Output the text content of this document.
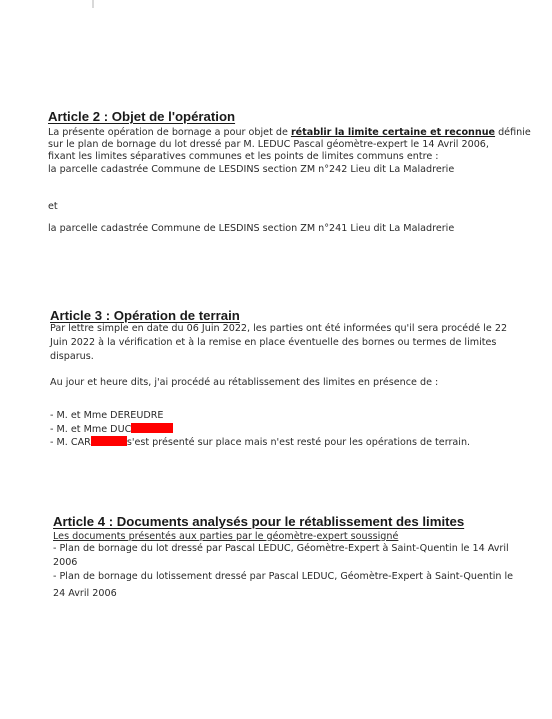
Article 2 : Objet de l'opération
La présente opération de bornage a pour objet de rétablir la limite certaine et reconnue définie
sur le plan de bornage du lot dressé par M. LEDUC Pascal géomètre-expert le 14 Avril 2006,
fixant les limites séparatives communes et les points de limites communs entre :
la parcelle cadastrée Commune de LESDINS section ZM n°242 Lieu dit La Maladrerie
et
la parcelle cadastrée Commune de LESDINS section ZM n°241 Lieu dit La Maladrerie
Article 3 : Opération de terrain
Par lettre simple en date du 06 Juin 2022, les parties ont été informées qu'il sera procédé le 22
Juin 2022 à la vérification et à la remise en place éventuelle des bornes ou termes de limites
disparus.
Au jour et heure dits, j'ai procédé au rétablissement des limites en présence de :
- M. et Mme DEREUDRE
- M. et Mme DUC
- M. CAR	s'est présenté sur place mais n'est resté pour les opérations de terrain.
Article 4 : Documents analysés pour le rétablissement des limites
Les documents présentés aux parties par le géomètre-expert soussigné
- Plan de bornage du lot dressé par Pascal LEDUC, Géomètre-Expert à Saint-Quentin le 14 Avril
2006
- Plan de bornage du lotissement dressé par Pascal LEDUC, Géomètre-Expert à Saint-Quentin le
24 Avril 2006
